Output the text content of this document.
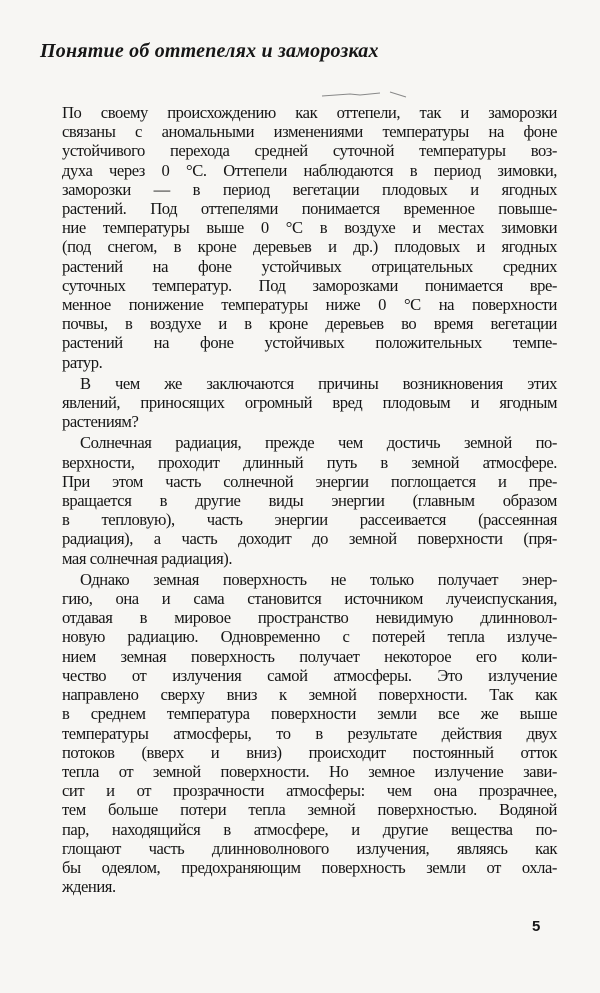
Понятие об оттепелях и заморозках
По своему происхождению как оттепели, так и заморозки
связаны с аномальными изменениями температуры на фоне
устойчивого перехода средней суточной температуры воз-
духа через 0 °С. Оттепели наблюдаются в период зимовки,
заморозки — в период вегетации плодовых и ягодных
растений. Под оттепелями понимается временное повыше-
ние температуры выше 0 °С в воздухе и местах зимовки
(под снегом, в кроне деревьев и др.) плодовых и ягодных
растений на фоне устойчивых отрицательных средних
суточных температур. Под заморозками понимается вре-
менное понижение температуры ниже 0 °С на поверхности
почвы, в воздухе и в кроне деревьев во время вегетации
растений на фоне устойчивых положительных темпе-
ратур.
В чем же заключаются причины возникновения этих
явлений, приносящих огромный вред плодовым и ягодным
растениям?
Солнечная радиация, прежде чем достичь земной по-
верхности, проходит длинный путь в земной атмосфере.
При этом часть солнечной энергии поглощается и пре-
вращается в другие виды энергии (главным образом
в тепловую), часть энергии рассеивается (рассеянная
радиация), а часть доходит до земной поверхности (пря-
мая солнечная радиация).
Однако земная поверхность не только получает энер-
гию, она и сама становится источником лучеиспускания,
отдавая в мировое пространство невидимую длинновол-
новую радиацию. Одновременно с потерей тепла излуче-
нием земная поверхность получает некоторое его коли-
чество от излучения самой атмосферы. Это излучение
направлено сверху вниз к земной поверхности. Так как
в среднем температура поверхности земли все же выше
температуры атмосферы, то в результате действия двух
потоков (вверх и вниз) происходит постоянный отток
тепла от земной поверхности. Но земное излучение зави-
сит и от прозрачности атмосферы: чем она прозрачнее,
тем больше потери тепла земной поверхностью. Водяной
пар, находящийся в атмосфере, и другие вещества по-
глощают часть длинноволнового излучения, являясь как
бы одеялом, предохраняющим поверхность земли от охла-
ждения.
5
